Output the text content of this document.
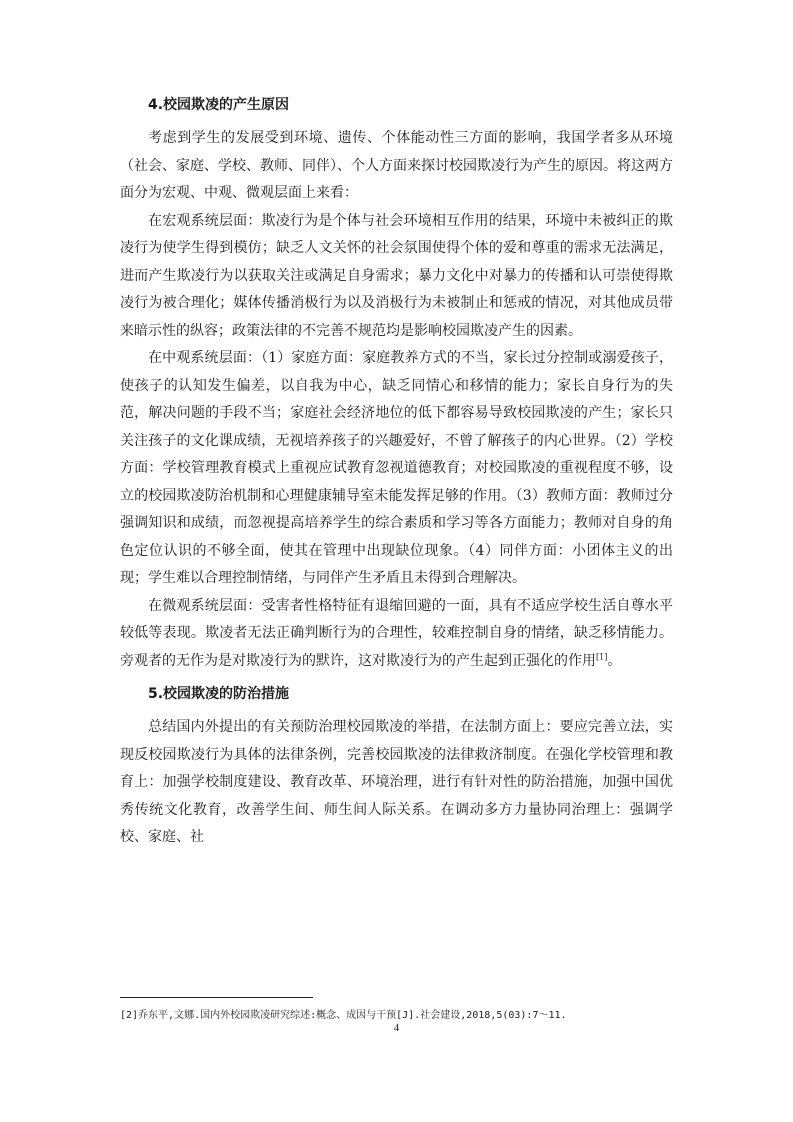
4.校园欺凌的产生原因

考虑到学生的发展受到环境、遗传、个体能动性三方面的影响，我国学者多从环境（社会、家庭、学校、教师、同伴）、个人方面来探讨校园欺凌行为产生的原因。将这两方面分为宏观、中观、微观层面上来看：

在宏观系统层面：欺凌行为是个体与社会环境相互作用的结果，环境中未被纠正的欺凌行为使学生得到模仿；缺乏人文关怀的社会氛围使得个体的爱和尊重的需求无法满足，进而产生欺凌行为以获取关注或满足自身需求；暴力文化中对暴力的传播和认可崇使得欺凌行为被合理化；媒体传播消极行为以及消极行为未被制止和惩戒的情况，对其他成员带来暗示性的纵容；政策法律的不完善不规范均是影响校园欺凌产生的因素。

在中观系统层面：（1）家庭方面：家庭教养方式的不当，家长过分控制或溺爱孩子，使孩子的认知发生偏差，以自我为中心，缺乏同情心和移情的能力；家长自身行为的失范，解决问题的手段不当；家庭社会经济地位的低下都容易导致校园欺凌的产生；家长只关注孩子的文化课成绩，无视培养孩子的兴趣爱好，不曾了解孩子的内心世界。（2）学校方面：学校管理教育模式上重视应试教育忽视道德教育；对校园欺凌的重视程度不够，设立的校园欺凌防治机制和心理健康辅导室未能发挥足够的作用。（3）教师方面：教师过分强调知识和成绩，而忽视提高培养学生的综合素质和学习等各方面能力；教师对自身的角色定位认识的不够全面，使其在管理中出现缺位现象。（4）同伴方面：小团体主义的出现；学生难以合理控制情绪，与同伴产生矛盾且未得到合理解决。

在微观系统层面：受害者性格特征有退缩回避的一面，具有不适应学校生活自尊水平较低等表现。欺凌者无法正确判断行为的合理性，较难控制自身的情绪，缺乏移情能力。旁观者的无作为是对欺凌行为的默许，这对欺凌行为的产生起到正强化的作用[1]。

5.校园欺凌的防治措施

总结国内外提出的有关预防治理校园欺凌的举措，在法制方面上：要应完善立法，实现反校园欺凌行为具体的法律条例，完善校园欺凌的法律救济制度。在强化学校管理和教育上：加强学校制度建设、教育改革、环境治理，进行有针对性的防治措施，加强中国优秀传统文化教育，改善学生间、师生间人际关系。在调动多方力量协同治理上：强调学校、家庭、社

[2]乔东平,文娜.国内外校园欺凌研究综述:概念、成因与干预[J].社会建设,2018,5(03):7～11.

4
